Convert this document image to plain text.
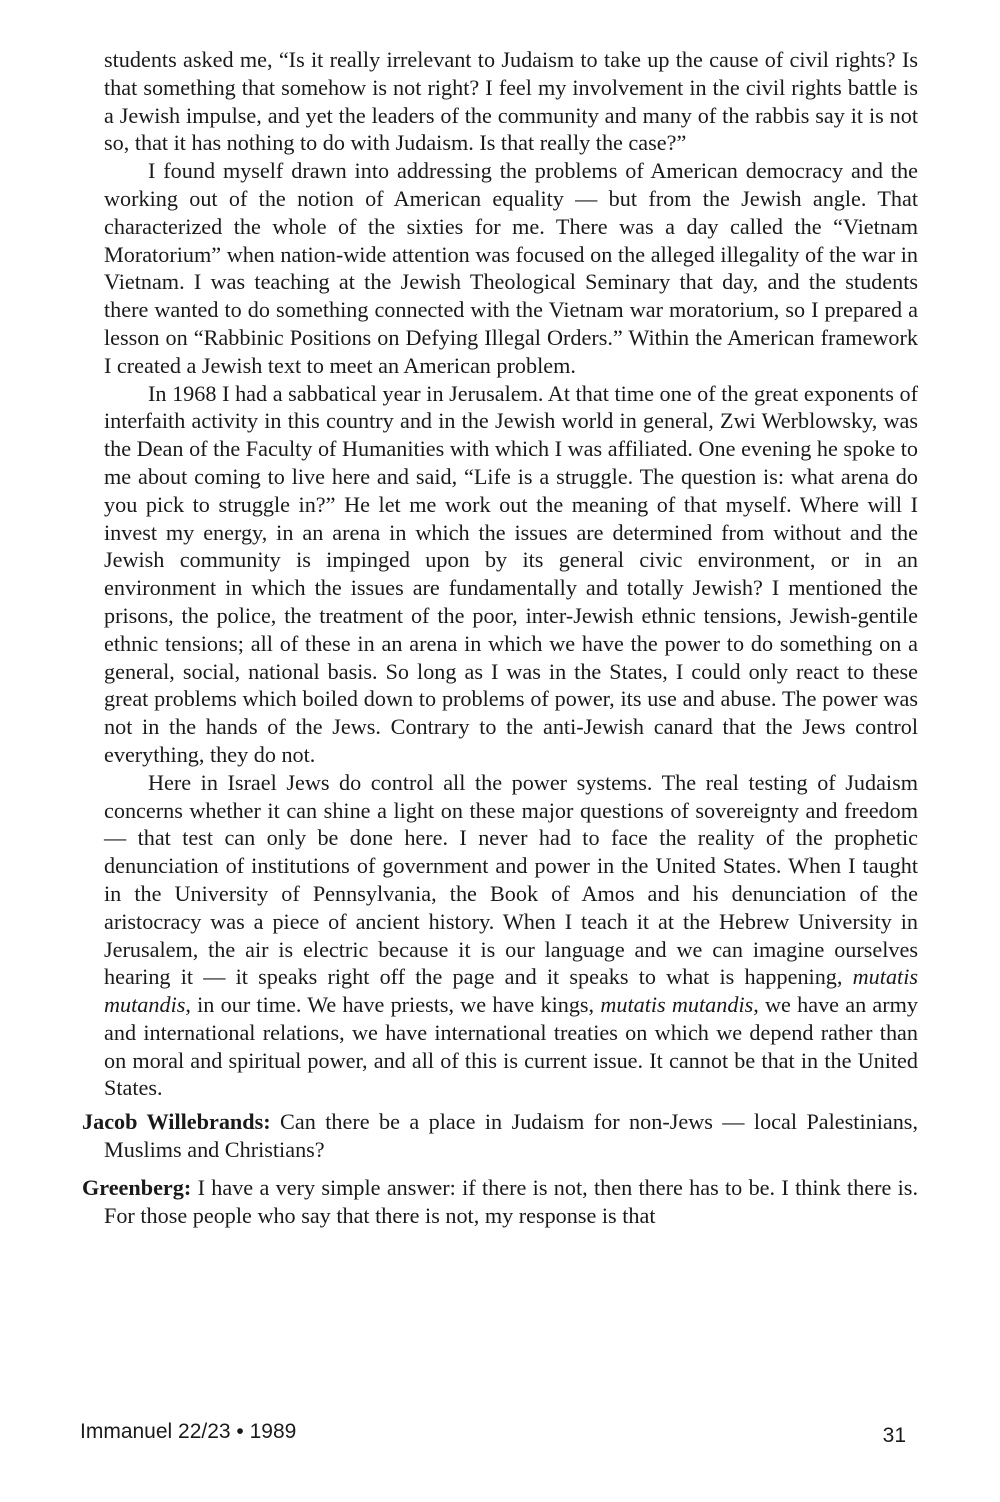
students asked me, “Is it really irrelevant to Judaism to take up the cause of civil rights? Is that something that somehow is not right? I feel my involvement in the civil rights battle is a Jewish impulse, and yet the leaders of the community and many of the rabbis say it is not so, that it has nothing to do with Judaism. Is that really the case?”

I found myself drawn into addressing the problems of American democracy and the working out of the notion of American equality — but from the Jewish angle. That characterized the whole of the sixties for me. There was a day called the “Vietnam Moratorium” when nation-wide attention was focused on the alleged illegality of the war in Vietnam. I was teaching at the Jewish Theological Seminary that day, and the students there wanted to do something connected with the Vietnam war moratorium, so I prepared a lesson on “Rabbinic Positions on Defying Illegal Orders.” Within the American framework I created a Jewish text to meet an American problem.

In 1968 I had a sabbatical year in Jerusalem. At that time one of the great exponents of interfaith activity in this country and in the Jewish world in general, Zwi Werblowsky, was the Dean of the Faculty of Humanities with which I was affiliated. One evening he spoke to me about coming to live here and said, “Life is a struggle. The question is: what arena do you pick to struggle in?” He let me work out the meaning of that myself. Where will I invest my energy, in an arena in which the issues are determined from without and the Jewish community is impinged upon by its general civic environment, or in an environment in which the issues are fundamentally and totally Jewish? I mentioned the prisons, the police, the treatment of the poor, inter-Jewish ethnic tensions, Jewish-gentile ethnic tensions; all of these in an arena in which we have the power to do something on a general, social, national basis. So long as I was in the States, I could only react to these great problems which boiled down to problems of power, its use and abuse. The power was not in the hands of the Jews. Contrary to the anti-Jewish canard that the Jews control everything, they do not.

Here in Israel Jews do control all the power systems. The real testing of Judaism concerns whether it can shine a light on these major questions of sovereignty and freedom — that test can only be done here. I never had to face the reality of the prophetic denunciation of institutions of government and power in the United States. When I taught in the University of Pennsylvania, the Book of Amos and his denunciation of the aristocracy was a piece of ancient history. When I teach it at the Hebrew University in Jerusalem, the air is electric because it is our language and we can imagine ourselves hearing it — it speaks right off the page and it speaks to what is happening, mutatis mutandis, in our time. We have priests, we have kings, mutatis mutandis, we have an army and international relations, we have international treaties on which we depend rather than on moral and spiritual power, and all of this is current issue. It cannot be that in the United States.

Jacob Willebrands: Can there be a place in Judaism for non-Jews — local Palestinians, Muslims and Christians?

Greenberg: I have a very simple answer: if there is not, then there has to be. I think there is. For those people who say that there is not, my response is that

Immanuel 22/23 • 1989	31
